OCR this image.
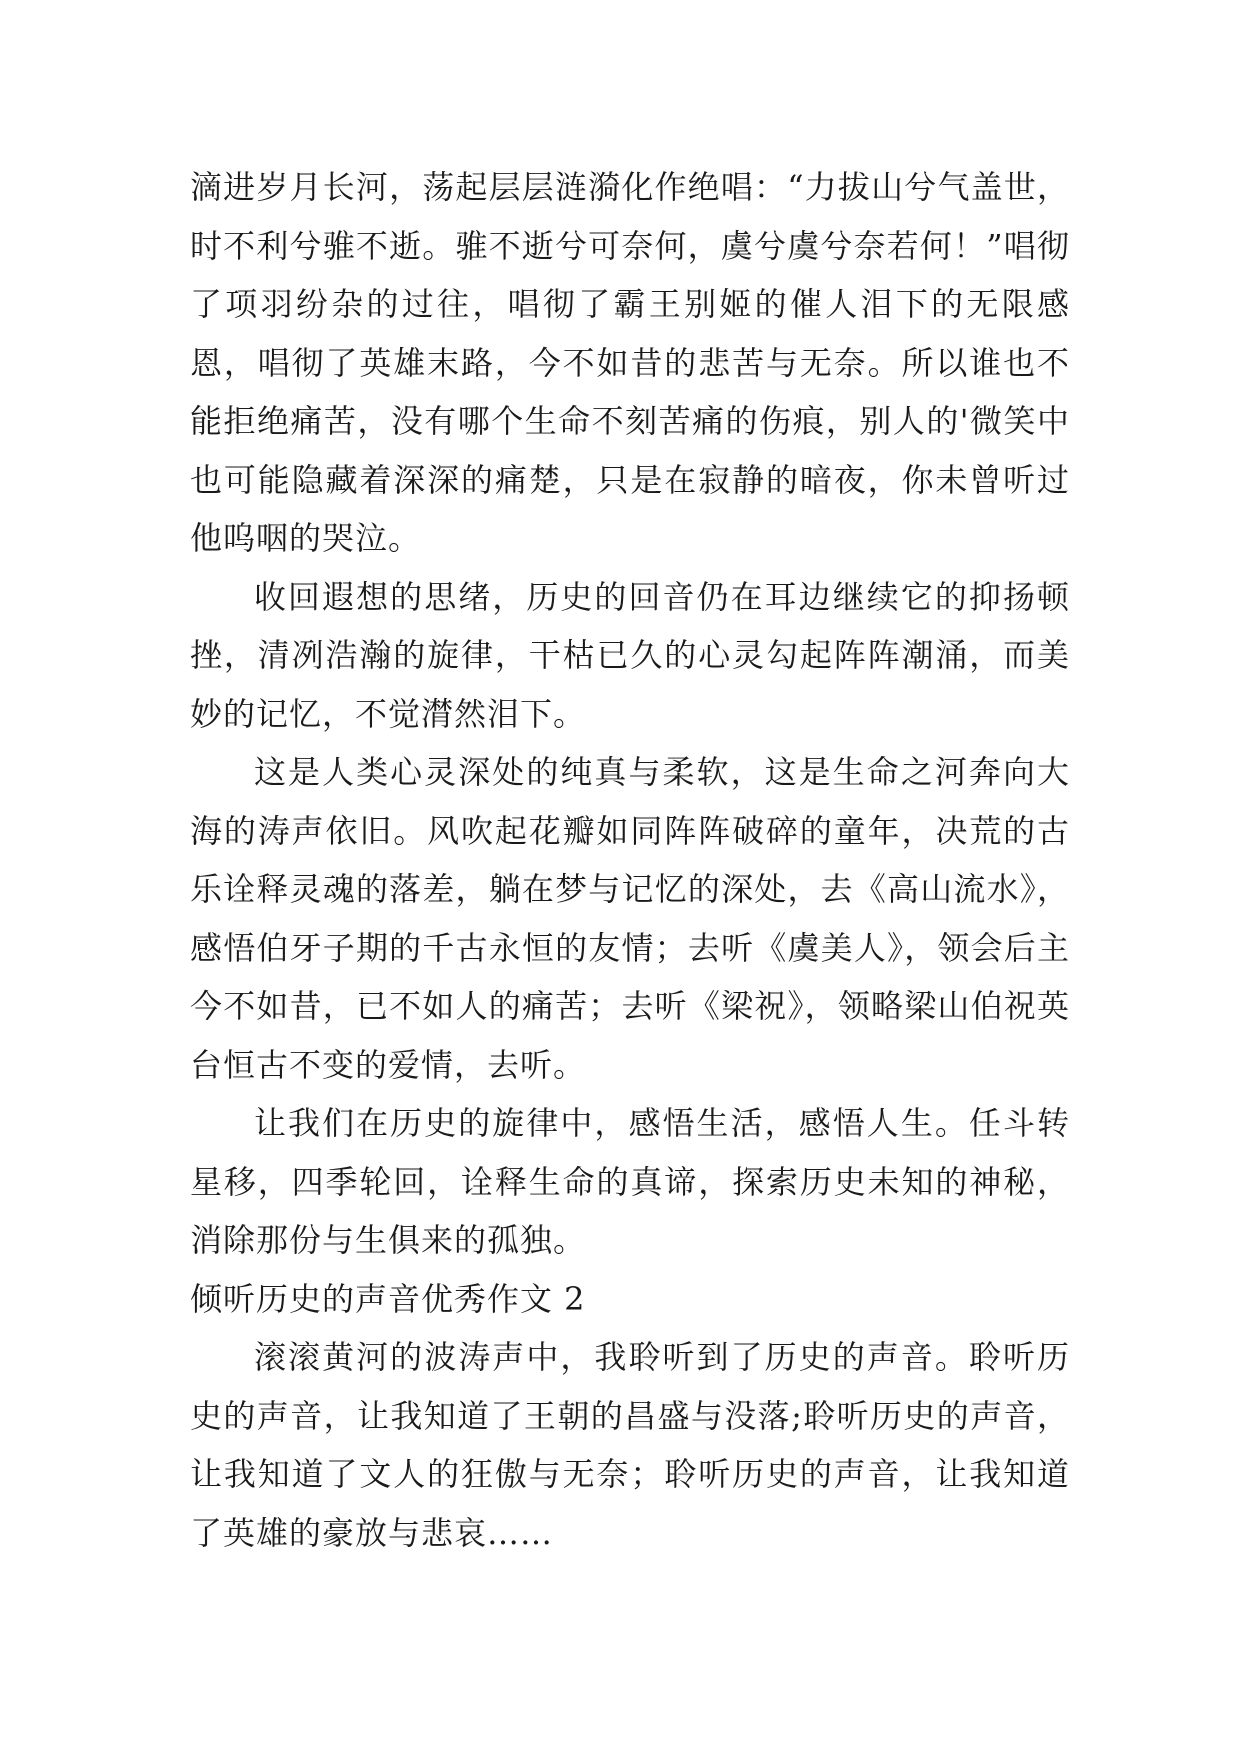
滴进岁月长河，荡起层层涟漪化作绝唱：“力拔山兮气盖世，时不利兮骓不逝。骓不逝兮可奈何，虞兮虞兮奈若何！”唱彻了项羽纷杂的过往，唱彻了霸王别姬的催人泪下的无限感恩，唱彻了英雄末路，今不如昔的悲苦与无奈。所以谁也不能拒绝痛苦，没有哪个生命不刻苦痛的伤痕，别人的'微笑中也可能隐藏着深深的痛楚，只是在寂静的暗夜，你未曾听过他呜咽的哭泣。

收回遐想的思绪，历史的回音仍在耳边继续它的抑扬顿挫，清冽浩瀚的旋律，干枯已久的心灵勾起阵阵潮涌，而美妙的记忆，不觉潸然泪下。

这是人类心灵深处的纯真与柔软，这是生命之河奔向大海的涛声依旧。风吹起花瓣如同阵阵破碎的童年，决荒的古乐诠释灵魂的落差，躺在梦与记忆的深处，去《高山流水》，感悟伯牙子期的千古永恒的友情；去听《虞美人》，领会后主今不如昔，已不如人的痛苦；去听《梁祝》，领略梁山伯祝英台恒古不变的爱情，去听。

让我们在历史的旋律中，感悟生活，感悟人生。任斗转星移，四季轮回，诠释生命的真谛，探索历史未知的神秘，消除那份与生俱来的孤独。

倾听历史的声音优秀作文 2

滚滚黄河的波涛声中，我聆听到了历史的声音。聆听历史的声音，让我知道了王朝的昌盛与没落;聆听历史的声音，让我知道了文人的狂傲与无奈；聆听历史的声音，让我知道了英雄的豪放与悲哀……
